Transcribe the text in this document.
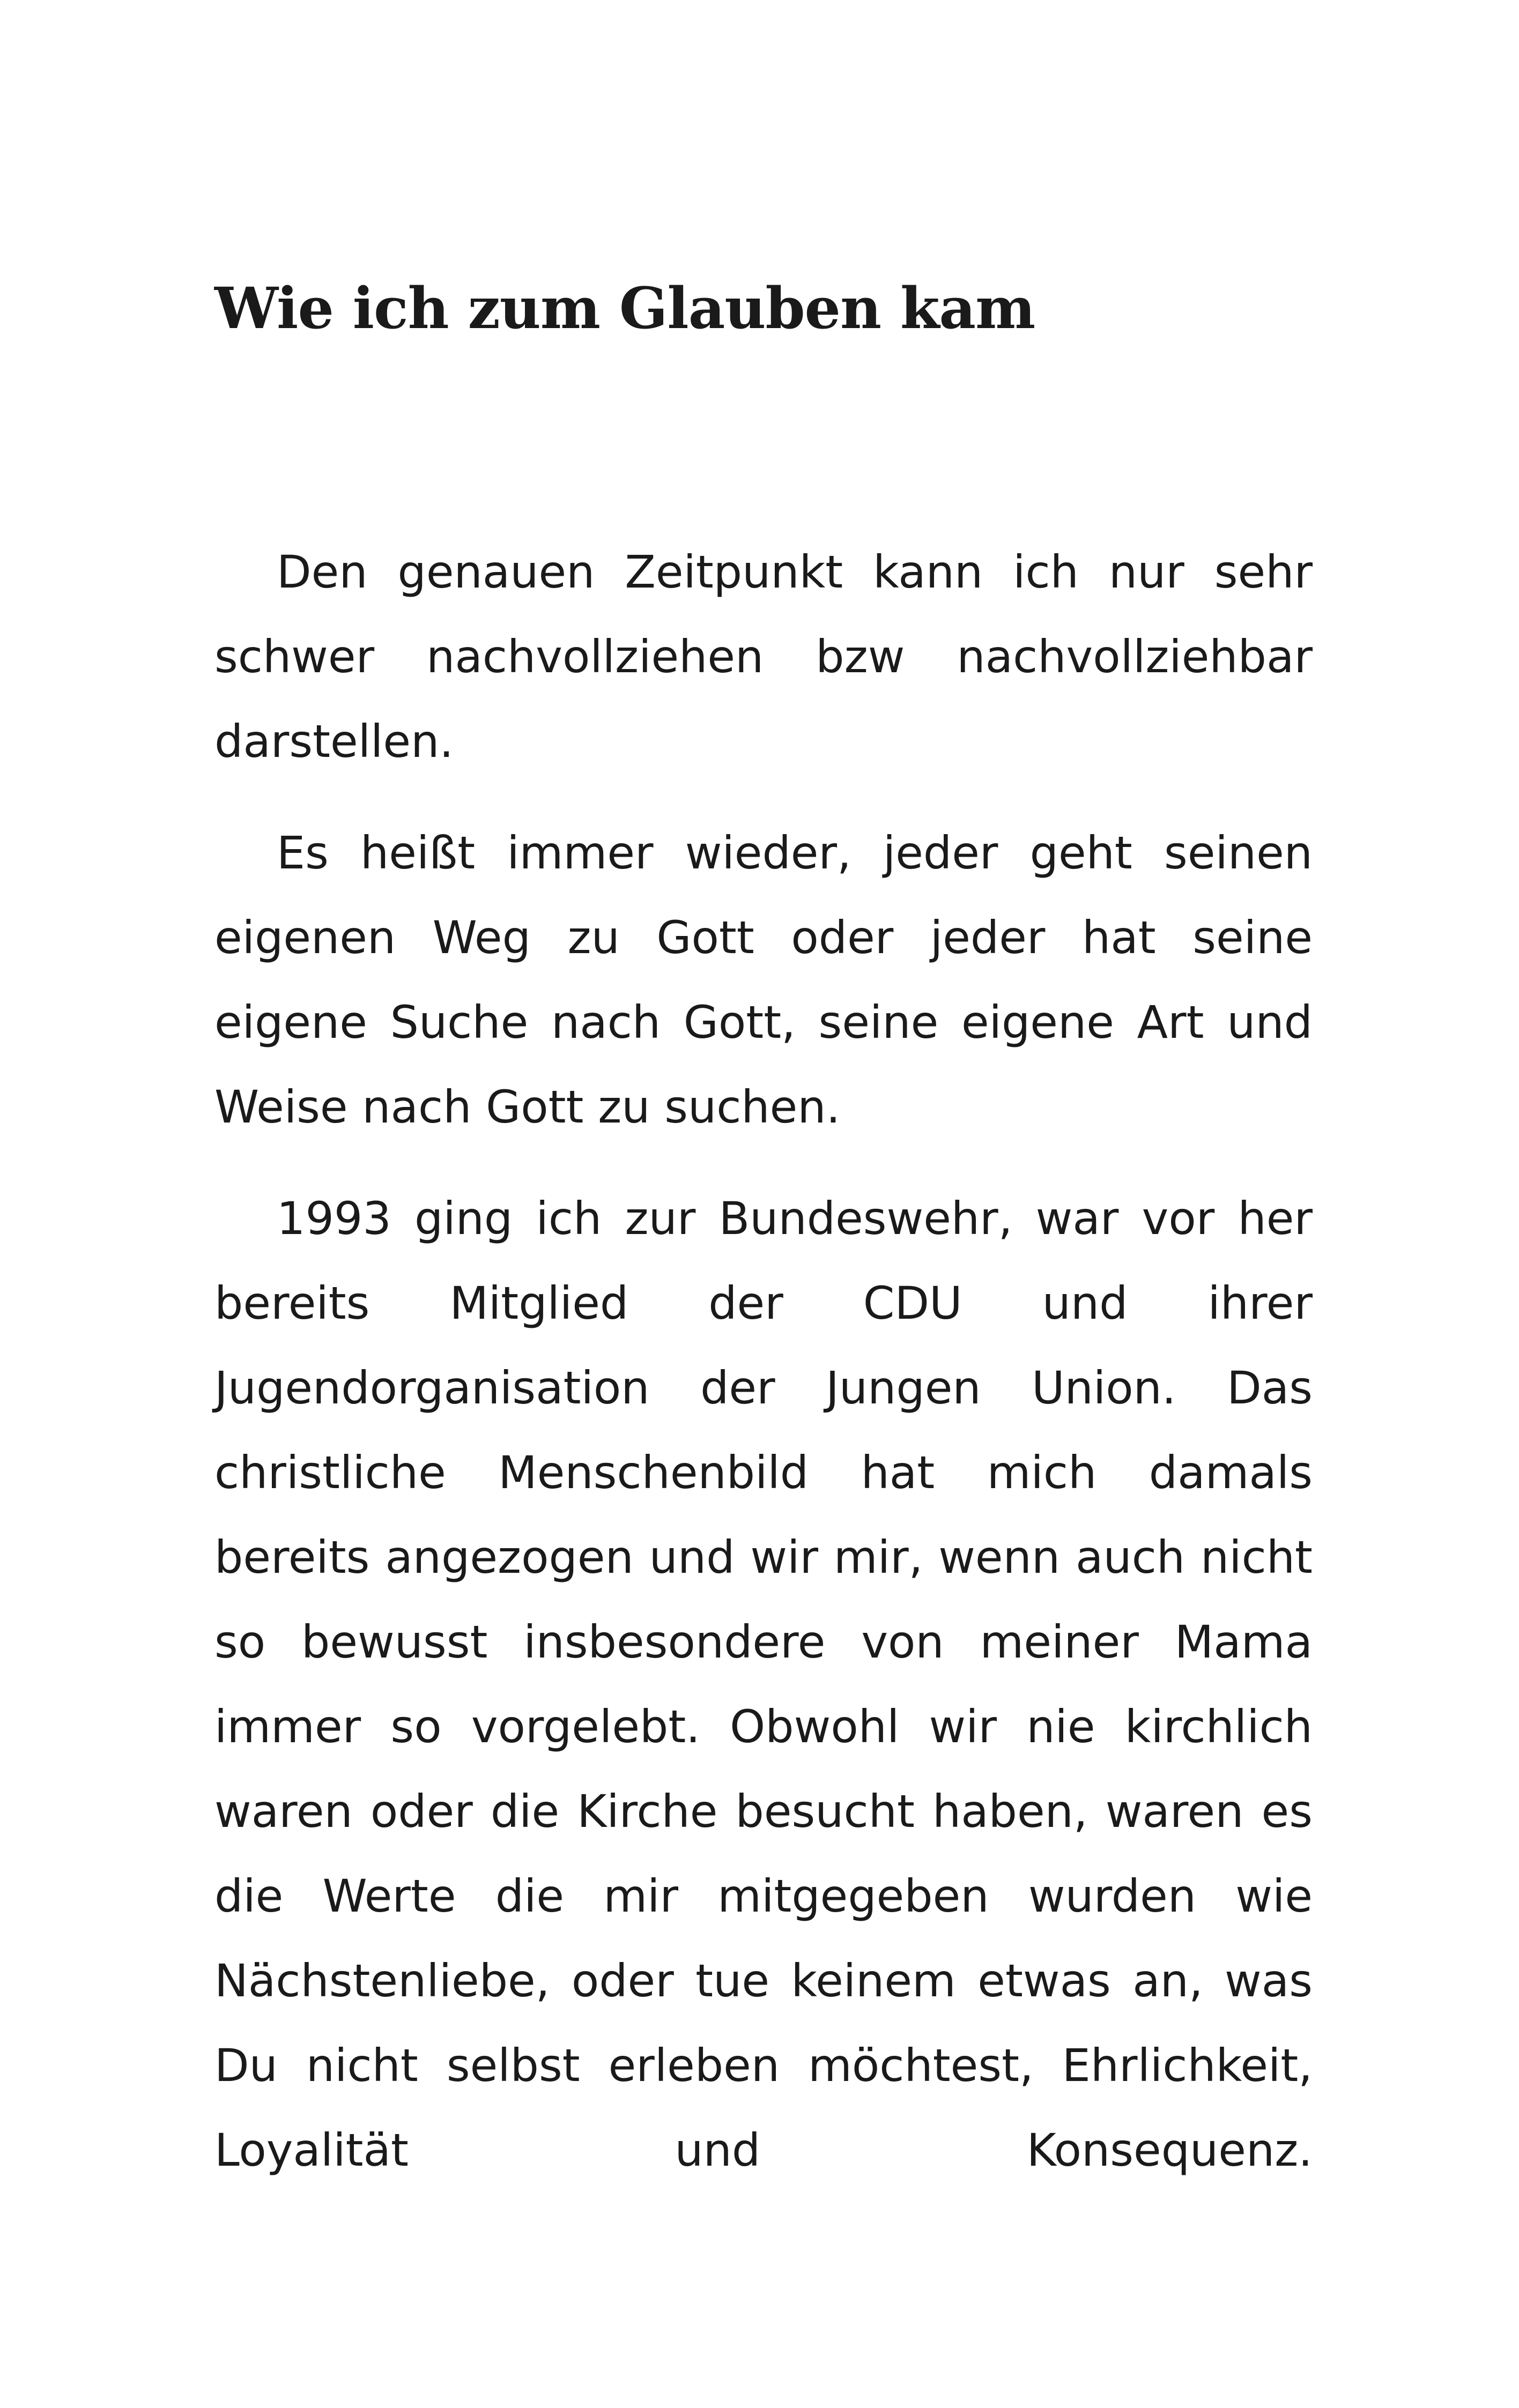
Wie ich zum Glauben kam

Den genauen Zeitpunkt kann ich nur sehr schwer nachvollziehen bzw nachvollziehbar darstellen.

Es heißt immer wieder, jeder geht seinen eigenen Weg zu Gott oder jeder hat seine eigene Suche nach Gott, seine eigene Art und Weise nach Gott zu suchen.

1993 ging ich zur Bundeswehr, war vor her bereits Mitglied der CDU und ihrer Jugendorganisation der Jungen Union. Das christliche Menschenbild hat mich damals bereits angezogen und wir mir, wenn auch nicht so bewusst insbesondere von meiner Mama immer so vorgelebt. Obwohl wir nie kirchlich waren oder die Kirche besucht haben, waren es die Werte die mir mitgegeben wurden wie Nächstenliebe, oder tue keinem etwas an, was Du nicht selbst erleben möchtest, Ehrlichkeit, Loyalität und Konsequenz.
